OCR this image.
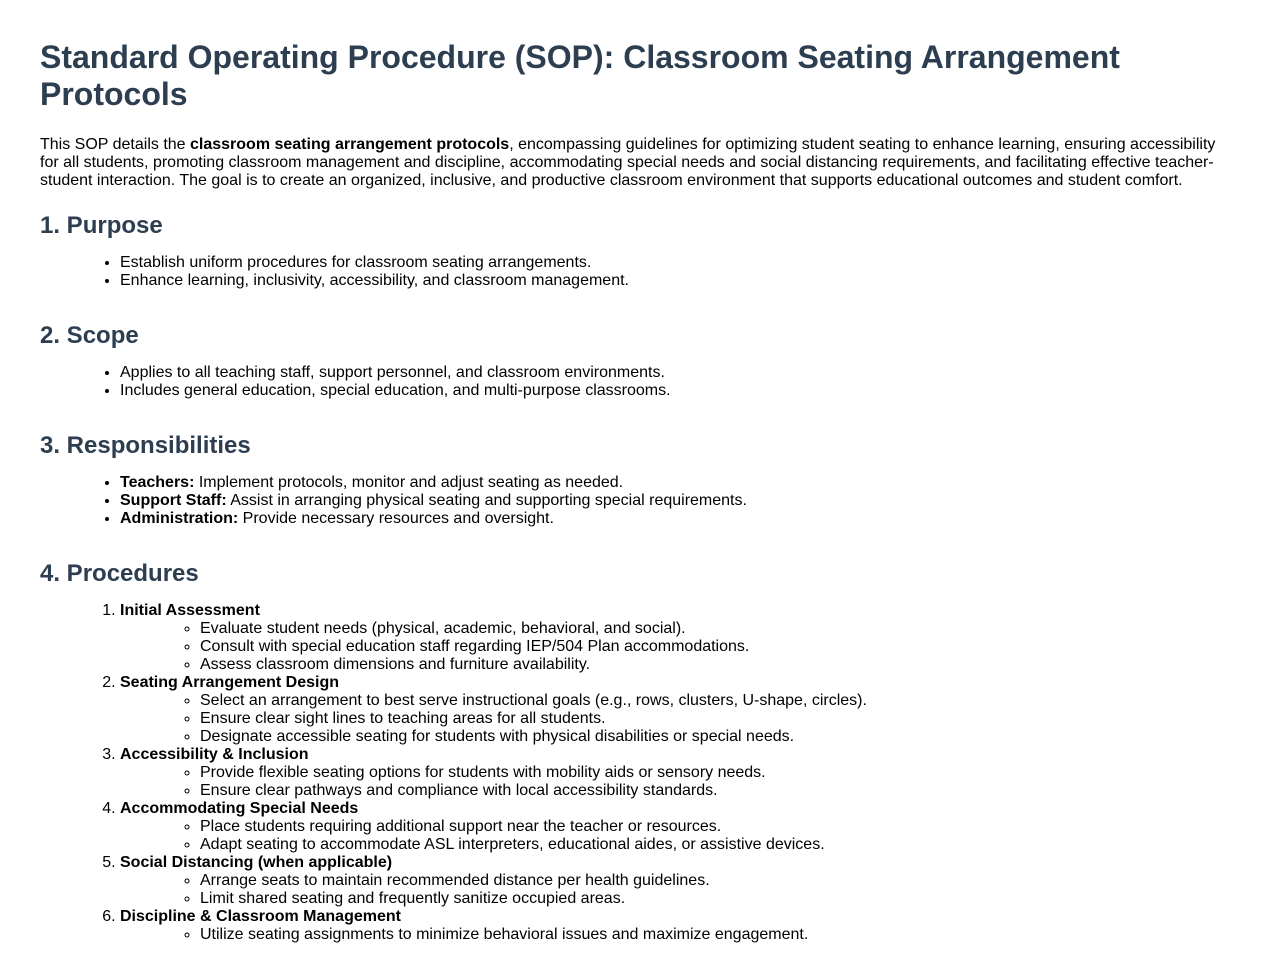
Standard Operating Procedure (SOP): Classroom Seating Arrangement Protocols

This SOP details the classroom seating arrangement protocols, encompassing guidelines for optimizing student seating to enhance learning, ensuring accessibility for all students, promoting classroom management and discipline, accommodating special needs and social distancing requirements, and facilitating effective teacher-student interaction. The goal is to create an organized, inclusive, and productive classroom environment that supports educational outcomes and student comfort.

1. Purpose
• Establish uniform procedures for classroom seating arrangements.
• Enhance learning, inclusivity, accessibility, and classroom management.
2. Scope
• Applies to all teaching staff, support personnel, and classroom environments.
• Includes general education, special education, and multi-purpose classrooms.
3. Responsibilities
• Teachers: Implement protocols, monitor and adjust seating as needed.
• Support Staff: Assist in arranging physical seating and supporting special requirements.
• Administration: Provide necessary resources and oversight.
4. Procedures
1. Initial Assessment
◦ Evaluate student needs (physical, academic, behavioral, and social).
◦ Consult with special education staff regarding IEP/504 Plan accommodations.
◦ Assess classroom dimensions and furniture availability.
2. Seating Arrangement Design
◦ Select an arrangement to best serve instructional goals (e.g., rows, clusters, U-shape, circles).
◦ Ensure clear sight lines to teaching areas for all students.
◦ Designate accessible seating for students with physical disabilities or special needs.
3. Accessibility & Inclusion
◦ Provide flexible seating options for students with mobility aids or sensory needs.
◦ Ensure clear pathways and compliance with local accessibility standards.
4. Accommodating Special Needs
◦ Place students requiring additional support near the teacher or resources.
◦ Adapt seating to accommodate ASL interpreters, educational aides, or assistive devices.
5. Social Distancing (when applicable)
◦ Arrange seats to maintain recommended distance per health guidelines.
◦ Limit shared seating and frequently sanitize occupied areas.
6. Discipline & Classroom Management
◦ Utilize seating assignments to minimize behavioral issues and maximize engagement.
